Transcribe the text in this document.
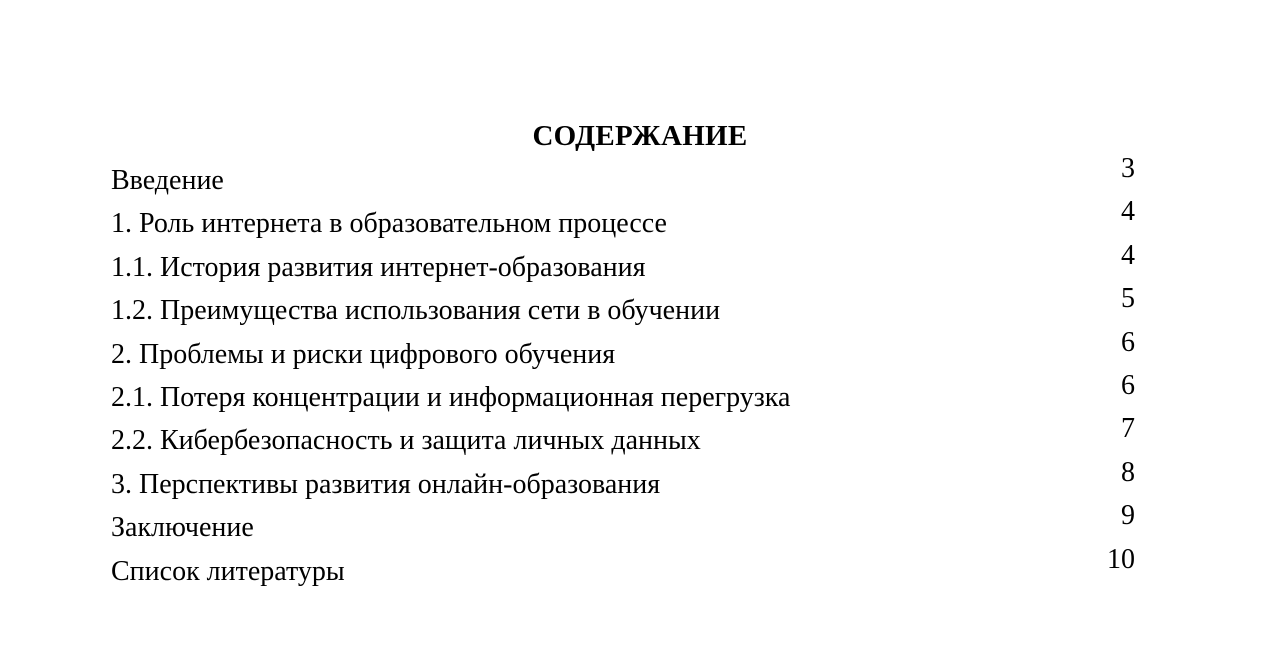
СОДЕРЖАНИЕ
Введение	3
1. Роль интернета в образовательном процессе	4
1.1. История развития интернет-образования	4
1.2. Преимущества использования сети в обучении	5
2. Проблемы и риски цифрового обучения	6
2.1. Потеря концентрации и информационная перегрузка	6
2.2. Кибербезопасность и защита личных данных	7
3. Перспективы развития онлайн-образования	8
Заключение	9
Список литературы	10
